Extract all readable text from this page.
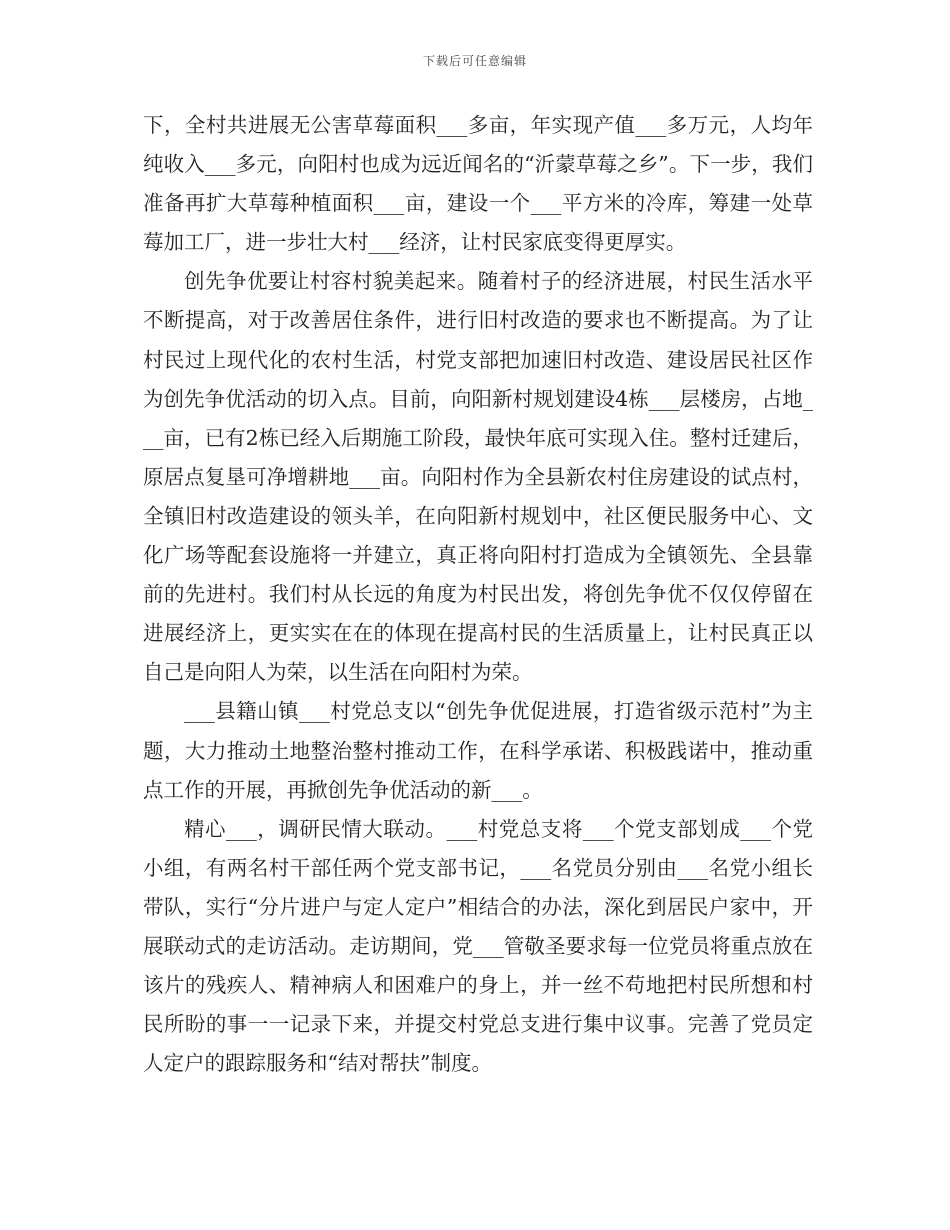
下载后可任意编辑

下，全村共进展无公害草莓面积___多亩，年实现产值___多万元，人均年纯收入___多元，向阳村也成为远近闻名的“沂蒙草莓之乡”。下一步，我们准备再扩大草莓种植面积___亩，建设一个___平方米的冷库，筹建一处草莓加工厂，进一步壮大村___经济，让村民家底变得更厚实。

创先争优要让村容村貌美起来。随着村子的经济进展，村民生活水平不断提高，对于改善居住条件，进行旧村改造的要求也不断提高。为了让村民过上现代化的农村生活，村党支部把加速旧村改造、建设居民社区作为创先争优活动的切入点。目前，向阳新村规划建设4栋___层楼房，占地___亩，已有2栋已经入后期施工阶段，最快年底可实现入住。整村迁建后，原居点复垦可净增耕地___亩。向阳村作为全县新农村住房建设的试点村，全镇旧村改造建设的领头羊，在向阳新村规划中，社区便民服务中心、文化广场等配套设施将一并建立，真正将向阳村打造成为全镇领先、全县靠前的先进村。我们村从长远的角度为村民出发，将创先争优不仅仅停留在进展经济上，更实实在在的体现在提高村民的生活质量上，让村民真正以自己是向阳人为荣，以生活在向阳村为荣。

___县籍山镇___村党总支以“创先争优促进展，打造省级示范村”为主题，大力推动土地整治整村推动工作，在科学承诺、积极践诺中，推动重点工作的开展，再掀创先争优活动的新___。

精心___，调研民情大联动。___村党总支将___个党支部划成___个党小组，有两名村干部任两个党支部书记，___名党员分别由___名党小组长带队，实行“分片进户与定人定户”相结合的办法，深化到居民户家中，开展联动式的走访活动。走访期间，党___管敬圣要求每一位党员将重点放在该片的残疾人、精神病人和困难户的身上，并一丝不苟地把村民所想和村民所盼的事一一记录下来，并提交村党总支进行集中议事。完善了党员定人定户的跟踪服务和“结对帮扶”制度。
